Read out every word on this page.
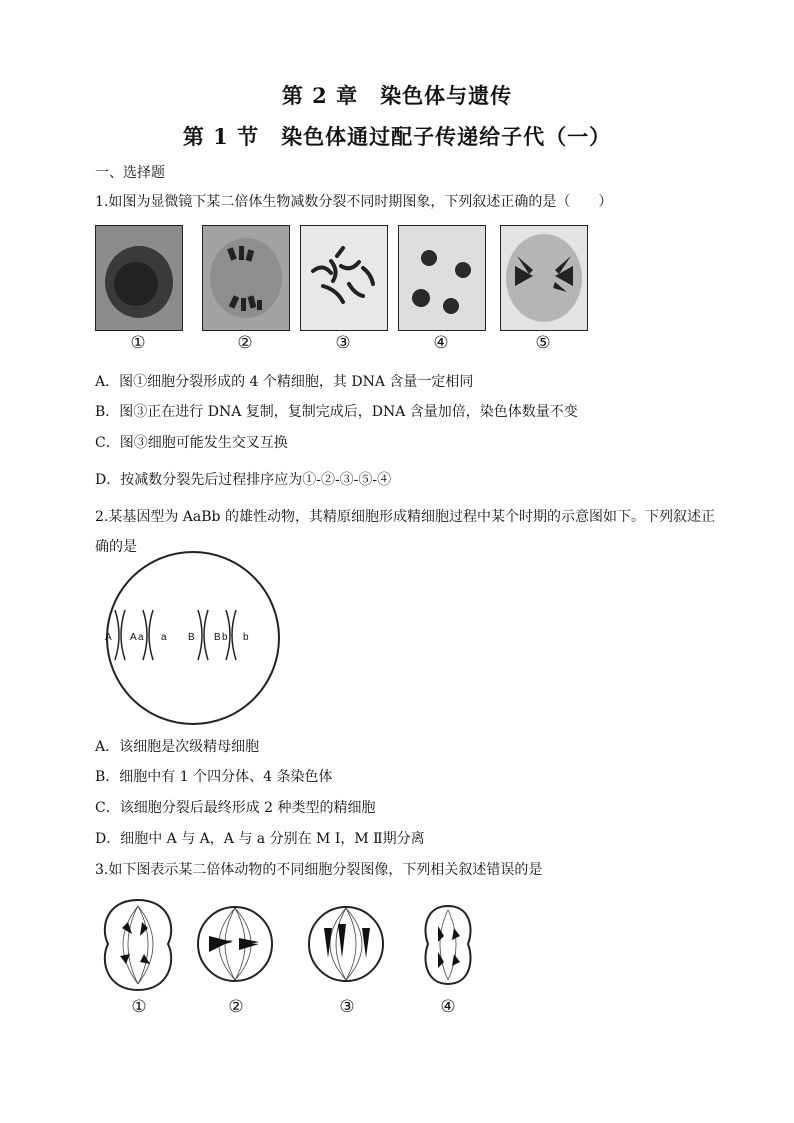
第 2 章　染色体与遗传
第 1 节　染色体通过配子传递给子代（一）
一、选择题
1.如图为显微镜下某二倍体生物减数分裂不同时期图象，下列叙述正确的是（　　）
①	②	③	④	⑤
A．图①细胞分裂形成的 4 个精细胞，其 DNA 含量一定相同
B．图③正在进行 DNA 复制，复制完成后，DNA 含量加倍，染色体数量不变
C．图③细胞可能发生交叉互换
D．按减数分裂先后过程排序应为①-②-③-⑤-④
2.某基因型为 AaBb 的雄性动物，其精原细胞形成精细胞过程中某个时期的示意图如下。下列叙述正
确的是
A A a a B B b b
A．该细胞是次级精母细胞
B．细胞中有 1 个四分体、4 条染色体
C．该细胞分裂后最终形成 2 种类型的精细胞
D．细胞中 A 与 A，A 与 a 分别在 M Ⅰ，M Ⅱ期分离
3.如下图表示某二倍体动物的不同细胞分裂图像，下列相关叙述错误的是
①	②	③	④
